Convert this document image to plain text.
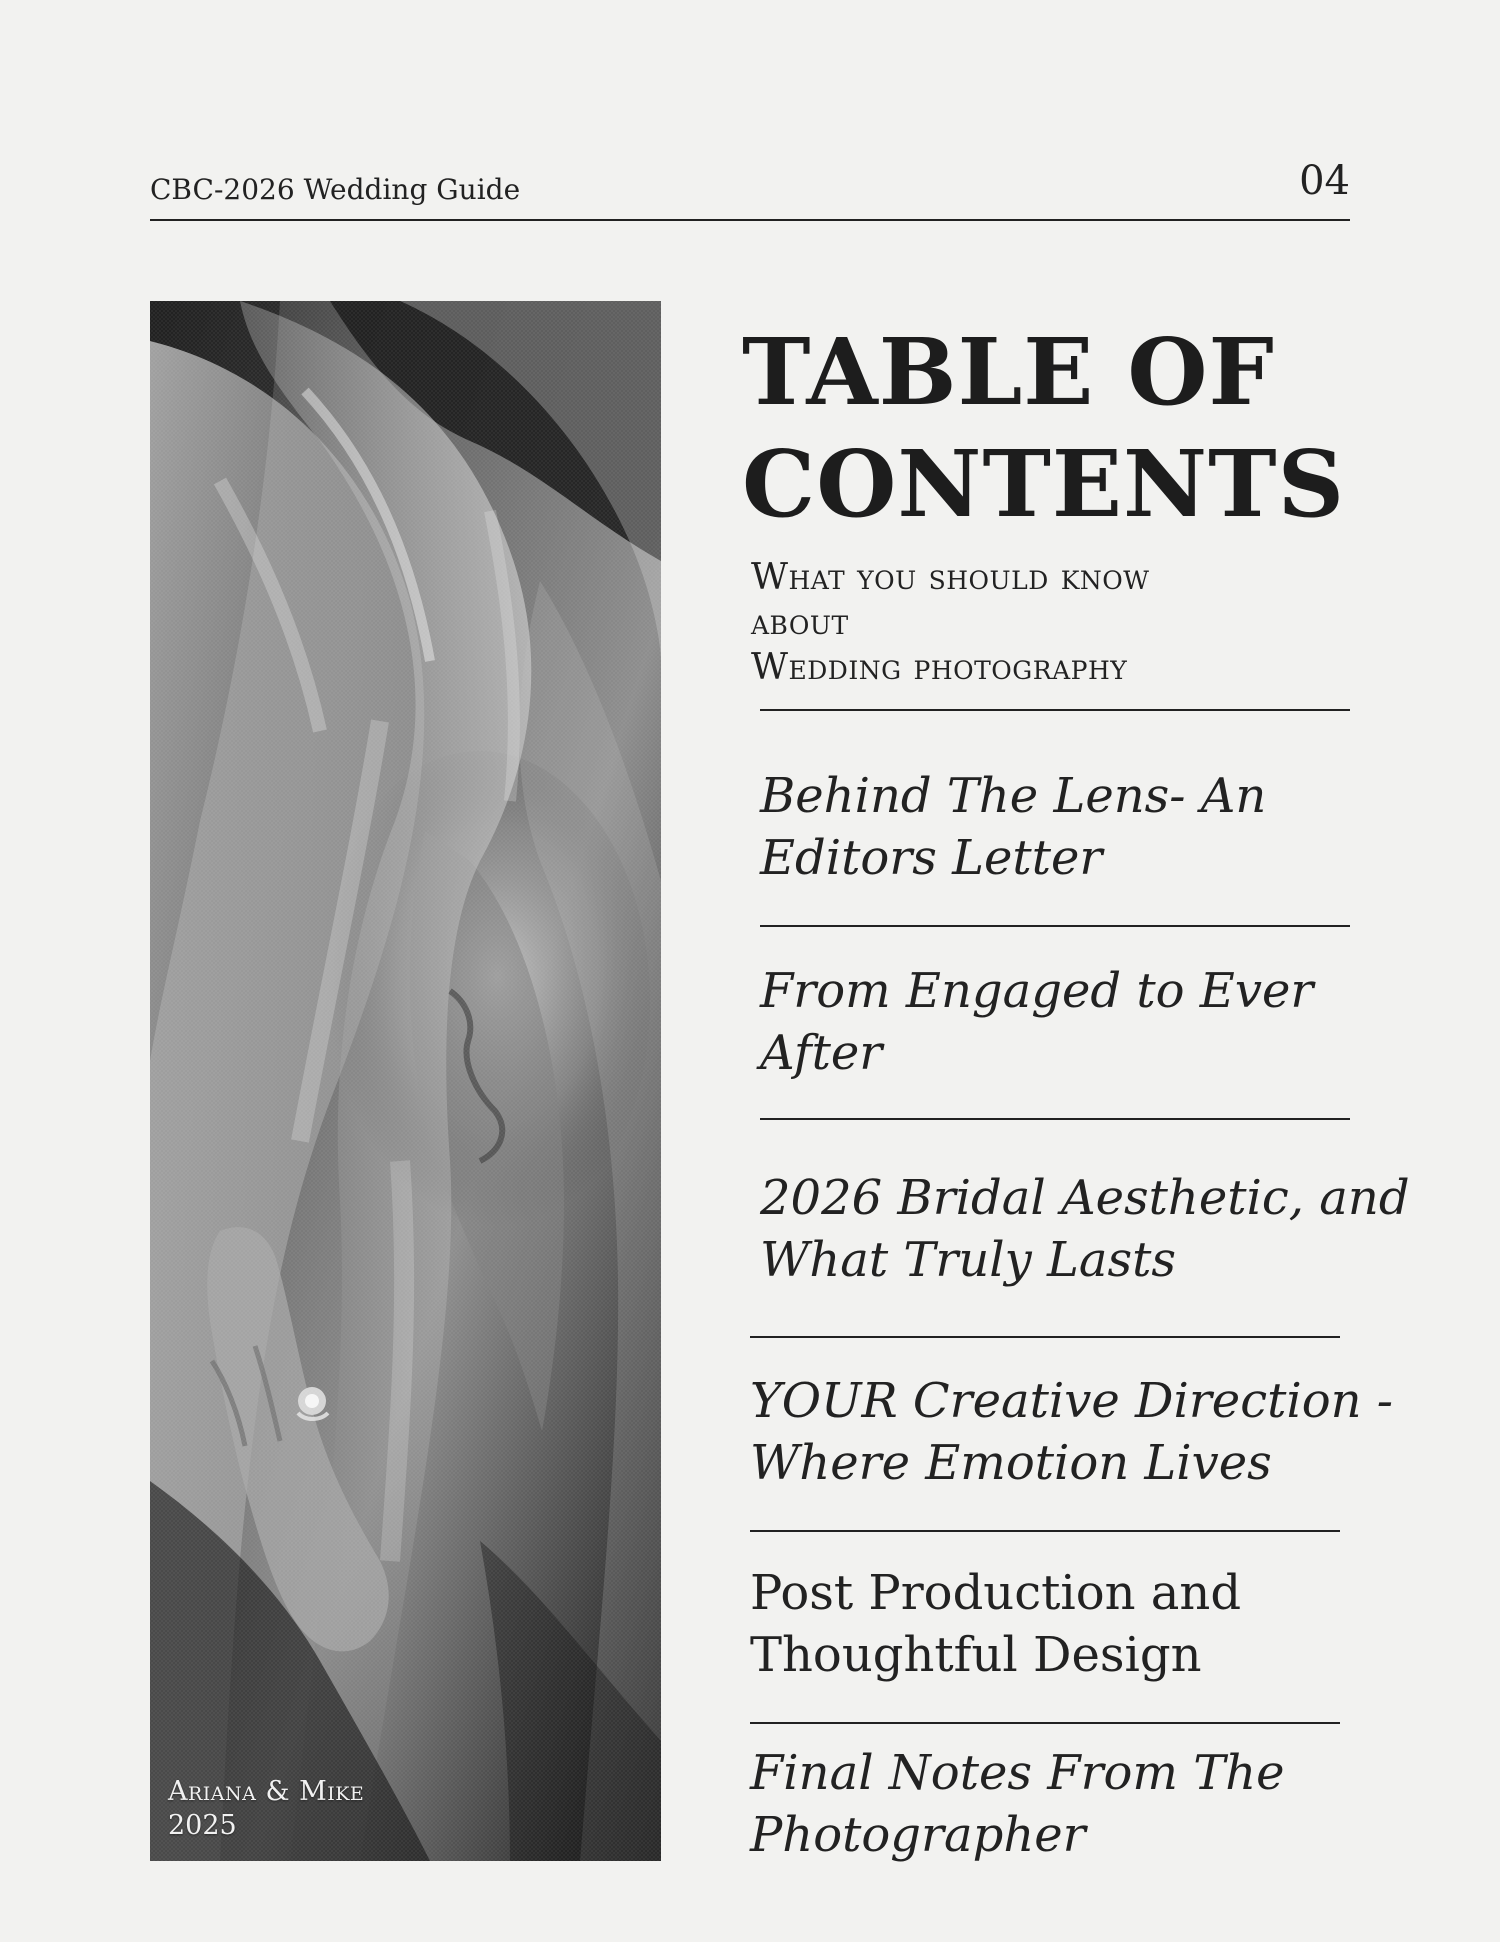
CBC-2026 Wedding Guide	04
Ariana & Mike
2025
TABLE OF
CONTENTS
What you should know
about
Wedding photography
Behind The Lens- An
Editors Letter
From Engaged to Ever
After
2026 Bridal Aesthetic, and
What Truly Lasts
YOUR Creative Direction -
Where Emotion Lives
Post Production and
Thoughtful Design
Final Notes From The
Photographer
